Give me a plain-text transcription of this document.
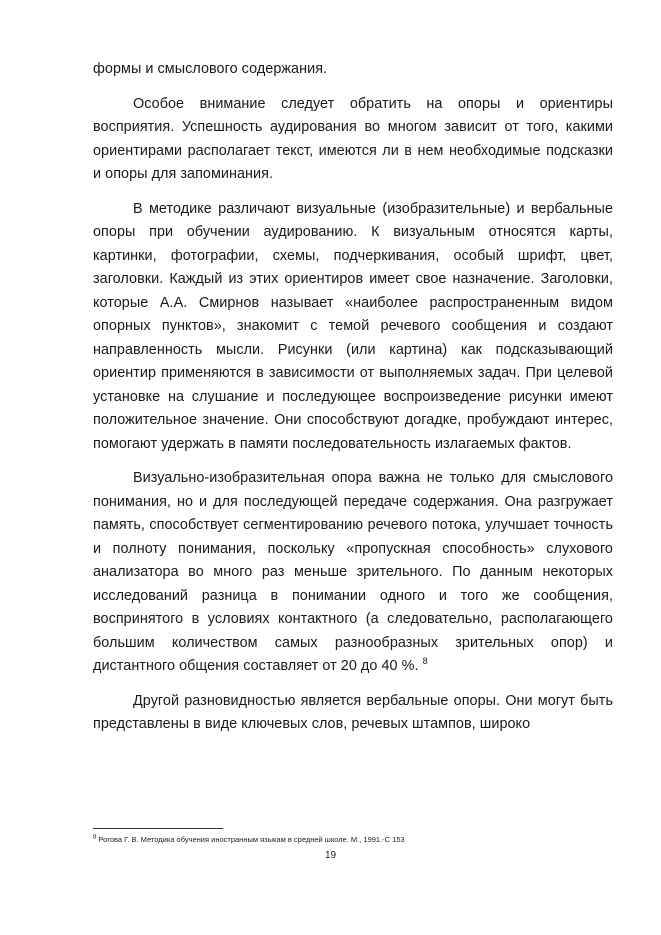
формы и смыслового содержания.

Особое внимание следует обратить на опоры и ориентиры восприятия. Успешность аудирования во многом зависит от того, какими ориентирами располагает текст, имеются ли в нем необходимые подсказки и опоры для запоминания.

В методике различают визуальные (изобразительные) и вербальные опоры при обучении аудированию. К визуальным относятся карты, картинки, фотографии, схемы, подчеркивания, особый шрифт, цвет, заголовки. Каждый из этих ориентиров имеет свое назначение. Заголовки, которые А.А. Смирнов называет «наиболее распространенным видом опорных пунктов», знакомит с темой речевого сообщения и создают направленность мысли. Рисунки (или картина) как подсказывающий ориентир применяются в зависимости от выполняемых задач. При целевой установке на слушание и последующее воспроизведение рисунки имеют положительное значение. Они способствуют догадке, пробуждают интерес, помогают удержать в памяти последовательность излагаемых фактов.

Визуально-изобразительная опора важна не только для смыслового понимания, но и для последующей передаче содержания. Она разгружает память, способствует сегментированию речевого потока, улучшает точность и полноту понимания, поскольку «пропускная способность» слухового анализатора во много раз меньше зрительного. По данным некоторых исследований разница в понимании одного и того же сообщения, воспринятого в условиях контактного (а следовательно, располагающего большим количеством самых разнообразных зрительных опор) и дистантного общения составляет от 20 до 40 %. $^8$

Другой разновидностью является вербальные опоры. Они могут быть представлены в виде ключевых слов, речевых штампов, широко

$^8$ Рогова Г. В. Методика обучения иностранным языкам в средней школе. М., 1991.-С 153
19
